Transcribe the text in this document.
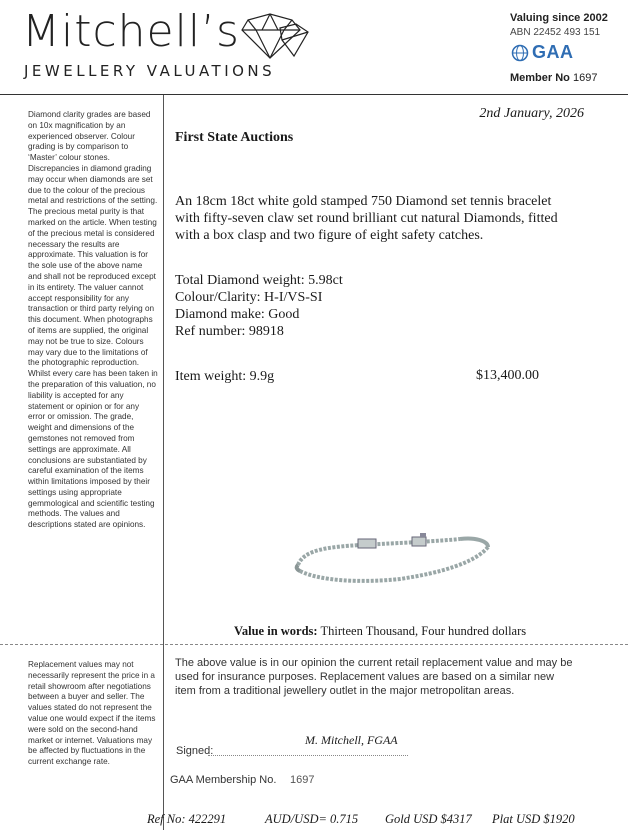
Mitchell’s
JEWELLERY VALUATIONS
Valuing since 2002
ABN 22452 493 151
GAA
Member No 1697
Diamond clarity grades are based on 10x magnification by an experienced observer. Colour grading is by comparison to ‘Master’ colour stones. Discrepancies in diamond grading may occur when diamonds are set due to the colour of the precious metal and restrictions of the setting. The precious metal purity is that marked on the article. When testing of the precious metal is considered necessary the results are approximate. This valuation is for the sole use of the above name and shall not be reproduced except in its entirety. The valuer cannot accept responsibility for any transaction or third party relying on this document. When photographs of items are supplied, the original may not be true to size. Colours may vary due to the limitations of the photographic reproduction. Whilst every care has been taken in the preparation of this valuation, no liability is accepted for any statement or opinion or for any error or omission. The grade, weight and dimensions of the gemstones not removed from settings are approximate. All conclusions are substantiated by careful examination of the items within limitations imposed by their settings using appropriate gemmological and scientific testing methods. The values and descriptions stated are opinions.
Replacement values may not necessarily represent the price in a retail showroom after negotiations between a buyer and seller. The values stated do not represent the value one would expect if the items were sold on the second-hand market or internet. Valuations may be affected by fluctuations in the current exchange rate.
2nd January, 2026
First State Auctions
An 18cm 18ct white gold stamped 750 Diamond set tennis bracelet with fifty-seven claw set round brilliant cut natural Diamonds, fitted with a box clasp and two figure of eight safety catches.
Total Diamond weight: 5.98ct
Colour/Clarity: H-I/VS-SI
Diamond make: Good
Ref number: 98918
Item weight: 9.9g	$13,400.00
Value in words: Thirteen Thousand, Four hundred dollars
The above value is in our opinion the current retail replacement value and may be used for insurance purposes. Replacement values are based on a similar new item from a traditional jewellery outlet in the major metropolitan areas.
M. Mitchell, FGAA
Signed:
GAA Membership No. 1697
Ref No: 422291	AUD/USD= 0.715 Gold USD $4317 Plat USD $1920
